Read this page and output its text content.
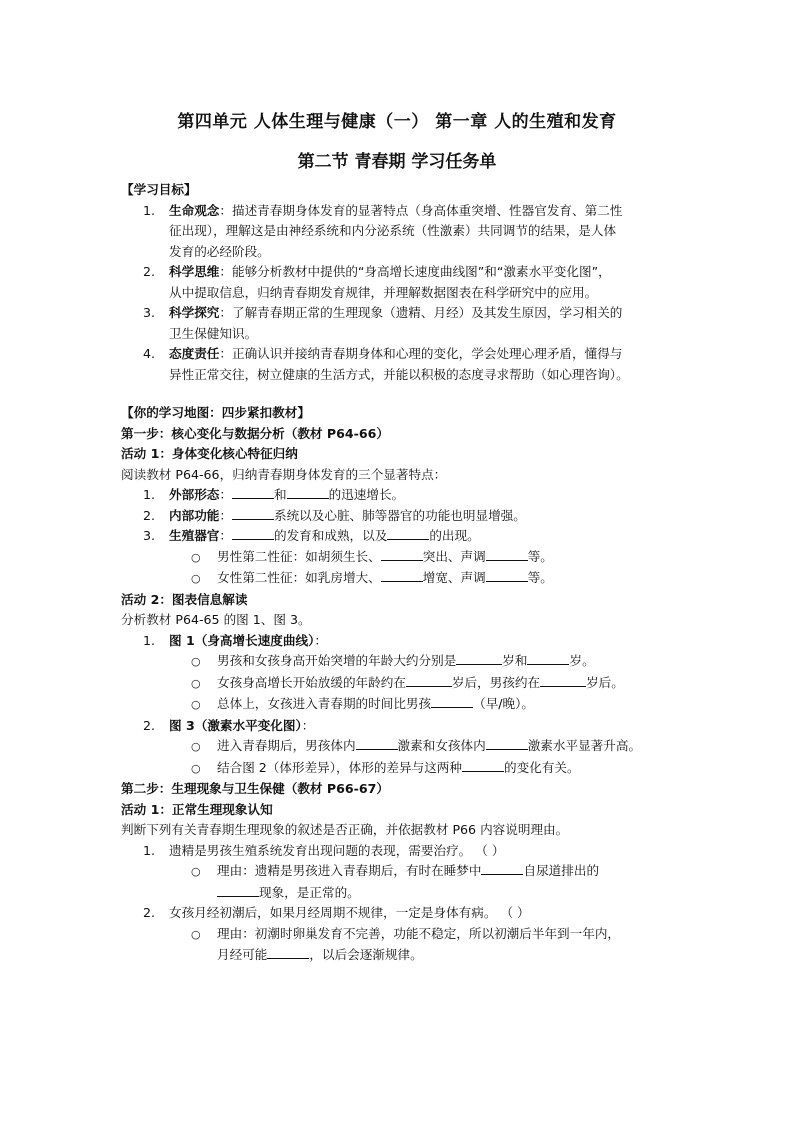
第四单元 人体生理与健康（一） 第一章 人的生殖和发育
第二节 青春期 学习任务单
【学习目标】
1. 生命观念：描述青春期身体发育的显著特点（身高体重突增、性器官发育、第二性
征出现），理解这是由神经系统和内分泌系统（性激素）共同调节的结果，是人体
发育的必经阶段。
2. 科学思维：能够分析教材中提供的“身高增长速度曲线图”和“激素水平变化图”，
从中提取信息，归纳青春期发育规律，并理解数据图表在科学研究中的应用。
3. 科学探究：了解青春期正常的生理现象（遗精、月经）及其发生原因，学习相关的
卫生保健知识。
4. 态度责任：正确认识并接纳青春期身体和心理的变化，学会处理心理矛盾，懂得与
异性正常交往，树立健康的生活方式，并能以积极的态度寻求帮助（如心理咨询）。
【你的学习地图：四步紧扣教材】
第一步：核心变化与数据分析（教材 P64-66）
活动 1：身体变化核心特征归纳
阅读教材 P64-66，归纳青春期身体发育的三个显著特点：
1. 外部形态：	和	的迅速增长。
2. 内部功能：	系统以及心脏、肺等器官的功能也明显增强。
3. 生殖器官：	的发育和成熟，以及	的出现。
○ 男性第二性征：如胡须生长、	突出、声调	等。
○ 女性第二性征：如乳房增大、	增宽、声调	等。
活动 2：图表信息解读
分析教材 P64-65 的图 1、图 3。
1. 图 1（身高增长速度曲线）：
○ 男孩和女孩身高开始突增的年龄大约分别是	岁和	岁。
○ 女孩身高增长开始放缓的年龄约在	岁后，男孩约在	岁后。
○ 总体上，女孩进入青春期的时间比男孩	（早/晚）。
2. 图 3（激素水平变化图）：
○ 进入青春期后，男孩体内	激素和女孩体内	激素水平显著升高。
○ 结合图 2（体形差异），体形的差异与这两种	的变化有关。
第二步：生理现象与卫生保健（教材 P66-67）
活动 1：正常生理现象认知
判断下列有关青春期生理现象的叙述是否正确，并依据教材 P66 内容说明理由。
1. 遗精是男孩生殖系统发育出现问题的表现，需要治疗。 （ ）
○ 理由：遗精是男孩进入青春期后，有时在睡梦中	自尿道排出的
现象，是正常的。
2. 女孩月经初潮后，如果月经周期不规律，一定是身体有病。 （ ）
○ 理由：初潮时卵巢发育不完善，功能不稳定，所以初潮后半年到一年内，
月经可能	，以后会逐渐规律。
